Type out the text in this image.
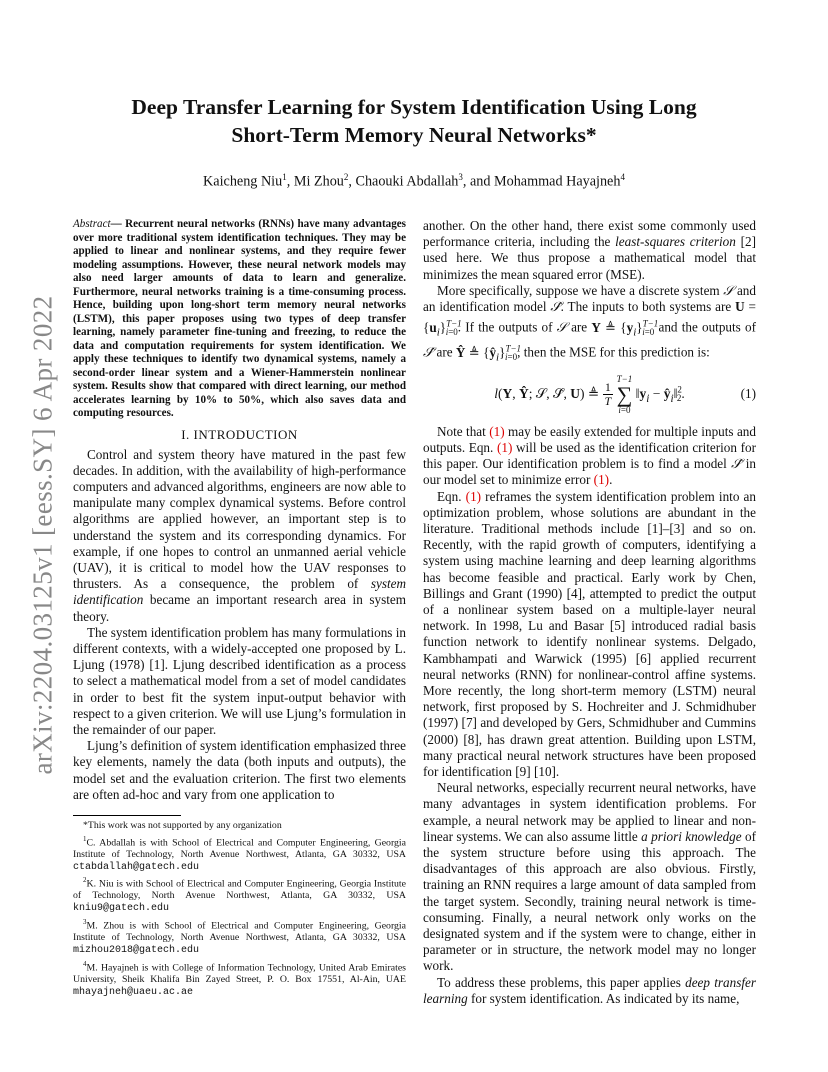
arXiv:2204.03125v1 [eess.SY] 6 Apr 2022
Deep Transfer Learning for System Identification Using Long
Short-Term Memory Neural Networks*
Kaicheng Niu$^1$, Mi Zhou$^2$, Chaouki Abdallah$^3$, and Mohammad Hayajneh$^4$

Abstract— Recurrent neural networks (RNNs) have many advantages over more traditional system identification techniques. They may be applied to linear and nonlinear systems, and they require fewer modeling assumptions. However, these neural network models may also need larger amounts of data to learn and generalize. Furthermore, neural networks training is a time-consuming process. Hence, building upon long-short term memory neural networks (LSTM), this paper proposes using two types of deep transfer learning, namely parameter fine-tuning and freezing, to reduce the data and computation requirements for system identification. We apply these techniques to identify two dynamical systems, namely a second-order linear system and a Wiener-Hammerstein nonlinear system. Results show that compared with direct learning, our method accelerates learning by 10% to 50%, which also saves data and computing resources.

I. INTRODUCTION

Control and system theory have matured in the past few decades. In addition, with the availability of high-performance computers and advanced algorithms, engineers are now able to manipulate many complex dynamical systems. Before control algorithms are applied however, an important step is to understand the system and its corresponding dynamics. For example, if one hopes to control an unmanned aerial vehicle (UAV), it is critical to model how the UAV responses to thrusters. As a consequence, the problem of system identification became an important research area in system theory.

The system identification problem has many formulations in different contexts, with a widely-accepted one proposed by L. Ljung (1978) [1]. Ljung described identification as a process to select a mathematical model from a set of model candidates in order to best fit the system input-output behavior with respect to a given criterion. We will use Ljung’s formulation in the remainder of our paper.

Ljung’s definition of system identification emphasized three key elements, namely the data (both inputs and outputs), the model set and the evaluation criterion. The first two elements are often ad-hoc and vary from one application to

*This work was not supported by any organization

$^1$C. Abdallah is with School of Electrical and Computer Engineering, Georgia Institute of Technology, North Avenue Northwest, Atlanta, GA 30332, USA ctabdallah@gatech.edu

$^2$K. Niu is with School of Electrical and Computer Engineering, Georgia Institute of Technology, North Avenue Northwest, Atlanta, GA 30332, USA kniu9@gatech.edu

$^3$M. Zhou is with School of Electrical and Computer Engineering, Georgia Institute of Technology, North Avenue Northwest, Atlanta, GA 30332, USA mizhou2018@gatech.edu

$^4$M. Hayajneh is with College of Information Technology, United Arab Emirates University, Sheik Khalifa Bin Zayed Street, P. O. Box 17551, Al-Ain, UAE mhayajneh@uaeu.ac.ae

another. On the other hand, there exist some commonly used performance criteria, including the least-squares criterion [2] used here. We thus propose a mathematical model that minimizes the mean squared error (MSE).

More specifically, suppose we have a discrete system 𝒮 and an identification model 𝒮̂. The inputs to both systems are $U = \{u_i\}^{T-1}_{i=0}$. If the outputs of 𝒮 are Y ≜ $\{y_i\}^{T-1}_{i=0}$ and the outputs of 𝒮̂ are Ŷ ≜ $\{ŷ_i\}^{T-1}_{i=0}$, then the MSE for this prediction is:

l(Y, Ŷ; 𝒮, 𝒮̂, U) ≜ $\frac{1}{T}$

T−1
∑
i=0
$‖y_i$ − $ŷ_i‖^2_2$.	(1)

Note that (1) may be easily extended for multiple inputs and outputs. Eqn. (1) will be used as the identification criterion for this paper. Our identification problem is to find a model 𝒮̂ in our model set to minimize error (1).

Eqn. (1) reframes the system identification problem into an optimization problem, whose solutions are abundant in the literature. Traditional methods include [1]–[3] and so on. Recently, with the rapid growth of computers, identifying a system using machine learning and deep learning algorithms has become feasible and practical. Early work by Chen, Billings and Grant (1990) [4], attempted to predict the output of a nonlinear system based on a multiple-layer neural network. In 1998, Lu and Basar [5] introduced radial basis function network to identify nonlinear systems. Delgado, Kambhampati and Warwick (1995) [6] applied recurrent neural networks (RNN) for nonlinear-control affine systems. More recently, the long short-term memory (LSTM) neural network, first proposed by S. Hochreiter and J. Schmidhuber (1997) [7] and developed by Gers, Schmidhuber and Cummins (2000) [8], has drawn great attention. Building upon LSTM, many practical neural network structures have been proposed for identification [9] [10].

Neural networks, especially recurrent neural networks, have many advantages in system identification problems. For example, a neural network may be applied to linear and non-linear systems. We can also assume little a priori knowledge of the system structure before using this approach. The disadvantages of this approach are also obvious. Firstly, training an RNN requires a large amount of data sampled from the target system. Secondly, training neural network is time-consuming. Finally, a neural network only works on the designated system and if the system were to change, either in parameter or in structure, the network model may no longer work.

To address these problems, this paper applies deep transfer learning for system identification. As indicated by its name,
